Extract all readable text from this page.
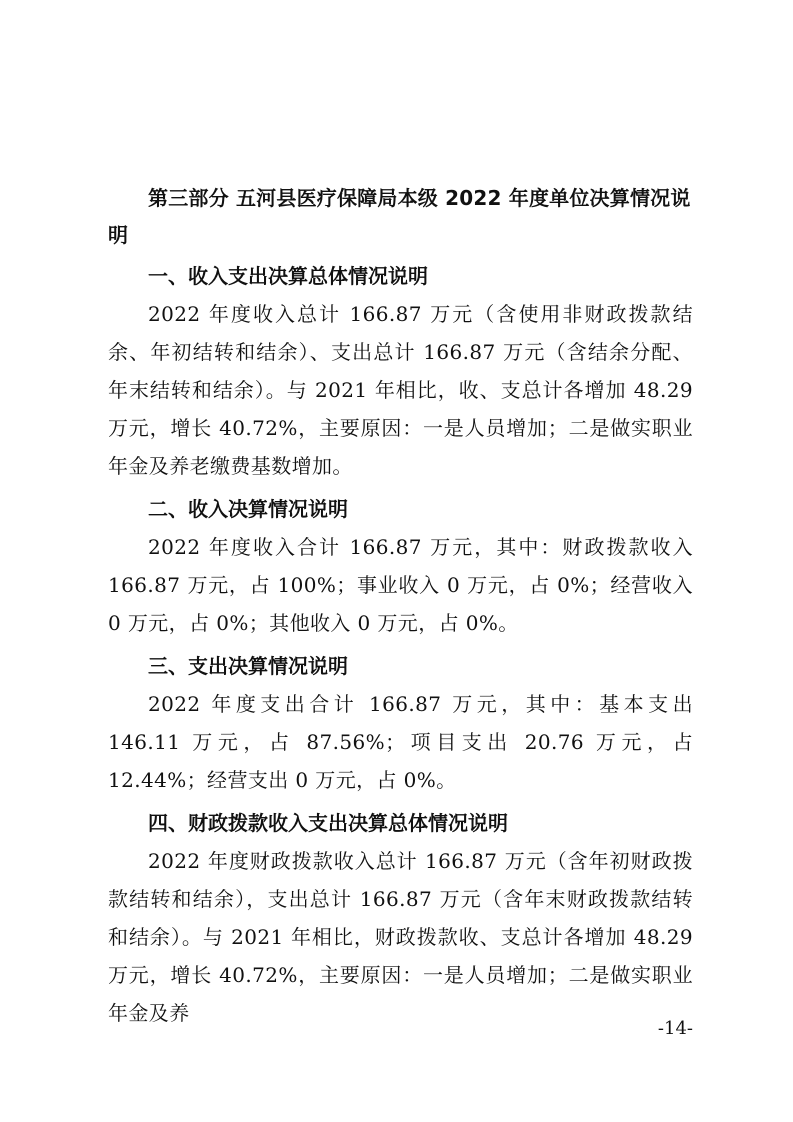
第三部分 五河县医疗保障局本级 2022 年度单位决算情况说明

一、收入支出决算总体情况说明

2022 年度收入总计 166.87 万元（含使用非财政拨款结余、年初结转和结余）、支出总计 166.87 万元（含结余分配、年末结转和结余）。与 2021 年相比，收、支总计各增加 48.29 万元，增长 40.72%，主要原因：一是人员增加；二是做实职业年金及养老缴费基数增加。

二、收入决算情况说明

2022 年度收入合计 166.87 万元，其中：财政拨款收入 166.87 万元，占 100%；事业收入 0 万元，占 0%；经营收入 0 万元，占 0%；其他收入 0 万元，占 0%。

三、支出决算情况说明

2022 年度支出合计 166.87 万元，其中：基本支出 146.11 万元，占 87.56%；项目支出 20.76 万元，占 12.44%；经营支出 0 万元，占 0%。

四、财政拨款收入支出决算总体情况说明

2022 年度财政拨款收入总计 166.87 万元（含年初财政拨款结转和结余），支出总计 166.87 万元（含年末财政拨款结转和结余）。与 2021 年相比，财政拨款收、支总计各增加 48.29 万元，增长 40.72%，主要原因：一是人员增加；二是做实职业年金及养

-14-
